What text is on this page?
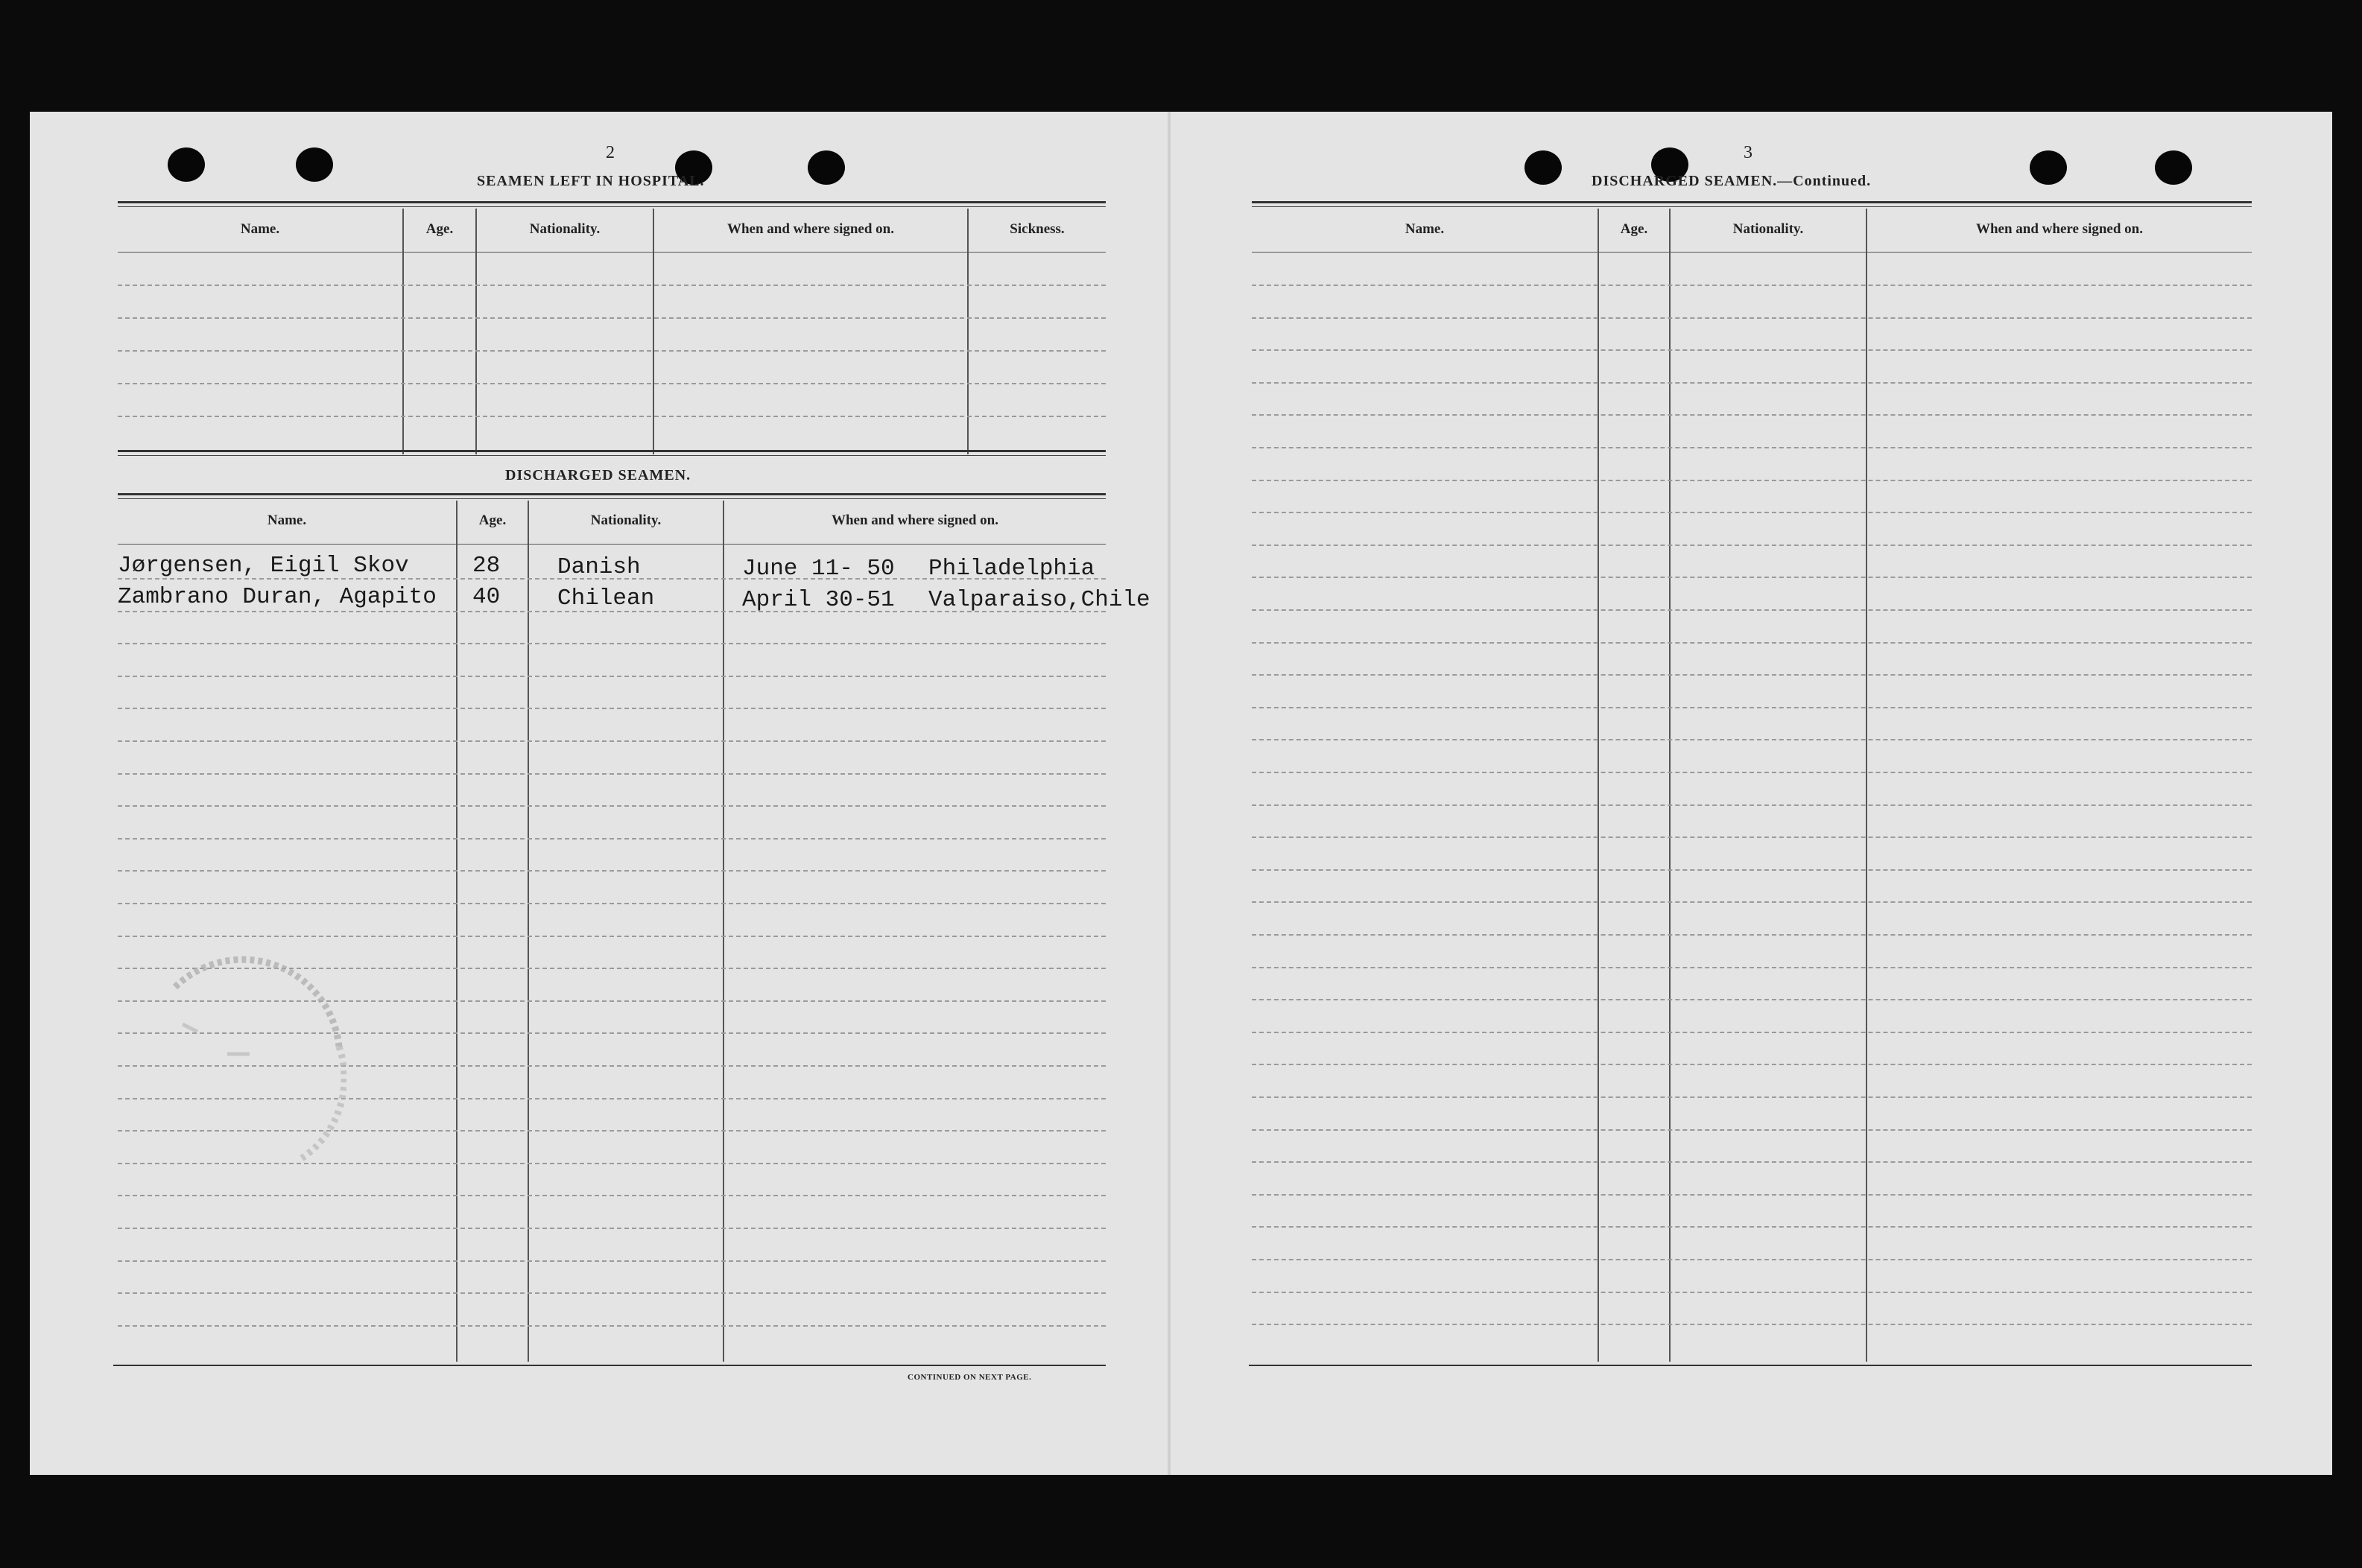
2
SEAMEN LEFT IN HOSPITAL.
Name.	Age.	Nationality.	When and where signed on.	Sickness.
DISCHARGED SEAMEN.
Name.	Age.	Nationality.	When and where signed on.
Jørgensen, Eigil Skov	28 Danish	June 11- 50 Philadelphia
Zambrano Duran, Agapito 40 Chilean	April 30-51 Valparaiso,Chile
CONTINUED ON NEXT PAGE.
3
DISCHARGED SEAMEN.—Continued.
Name.	Age.	Nationality.	When and where signed on.
